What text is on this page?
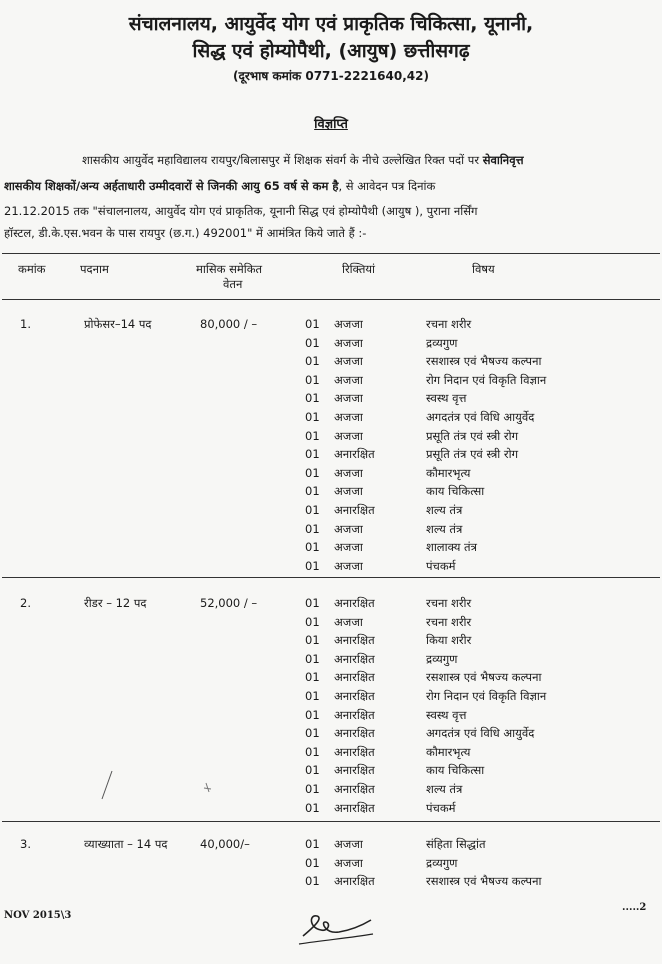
संचालनालय, आयुर्वेद योग एवं प्राकृतिक चिकित्सा, यूनानी,
सिद्ध एवं होम्योपैथी, (आयुष) छत्तीसगढ़
(दूरभाष कमांक 0771-2221640,42)
विज्ञप्ति
शासकीय आयुर्वेद महाविद्यालय रायपुर/बिलासपुर में शिक्षक संवर्ग के नीचे उल्लेखित रिक्त पदों पर सेवानिवृत्त
शासकीय शिक्षकों/अन्य अर्हताधारी उम्मीदवारों से जिनकी आयु 65 वर्ष से कम है, से आवेदन पत्र दिनांक
21.12.2015 तक "संचालनालय, आयुर्वेद योग एवं प्राकृतिक, यूनानी सिद्ध एवं होम्योपैथी (आयुष ), पुराना नर्सिंग
हॉस्टल, डी.के.एस.भवन के पास रायपुर (छ.ग.) 492001" में आमंत्रित किये जाते हैं :-
कमांक	पदनाम	मासिक समेकित
वेतन
रिक्तियां	विषय
1.	प्रोफेसर–14 पद	80,000 / –	01 अजजा	रचना शरीर
01 अजजा	द्रव्यगुण
01 अजजा	रसशास्त्र एवं भैषज्य कल्पना
01 अजजा	रोग निदान एवं विकृति विज्ञान
01 अजजा	स्वस्थ वृत्त
01 अजजा	अगदतंत्र एवं विधि आयुर्वेद
01 अजजा	प्रसूति तंत्र एवं स्त्री रोग
01 अनारक्षित	प्रसूति तंत्र एवं स्त्री रोग
01 अजजा	कौमारभृत्य
01 अजजा	काय चिकित्सा
01 अनारक्षित	शल्य तंत्र
01 अजजा	शल्य तंत्र
01 अजजा	शालाक्य तंत्र
01 अजजा	पंचकर्म
2.	रीडर – 12 पद	52,000 / –	01 अनारक्षित	रचना शरीर
01 अजजा	रचना शरीर
01 अनारक्षित	किया शरीर
01 अनारक्षित	द्रव्यगुण
01 अनारक्षित	रसशास्त्र एवं भैषज्य कल्पना
01 अनारक्षित	रोग निदान एवं विकृति विज्ञान
01 अनारक्षित	स्वस्थ वृत्त
01 अनारक्षित	अगदतंत्र एवं विधि आयुर्वेद
01 अनारक्षित	कौमारभृत्य
01 अनारक्षित	काय चिकित्सा
01 अनारक्षित	शल्य तंत्र
01 अनारक्षित	पंचकर्म
3.	व्याख्याता – 14 पद	40,000/–	01 अजजा	संहिता सिद्धांत
01 अजजा	द्रव्यगुण
01 अनारक्षित	रसशास्त्र एवं भैषज्य कल्पना
NOV 2015\3
.....2
